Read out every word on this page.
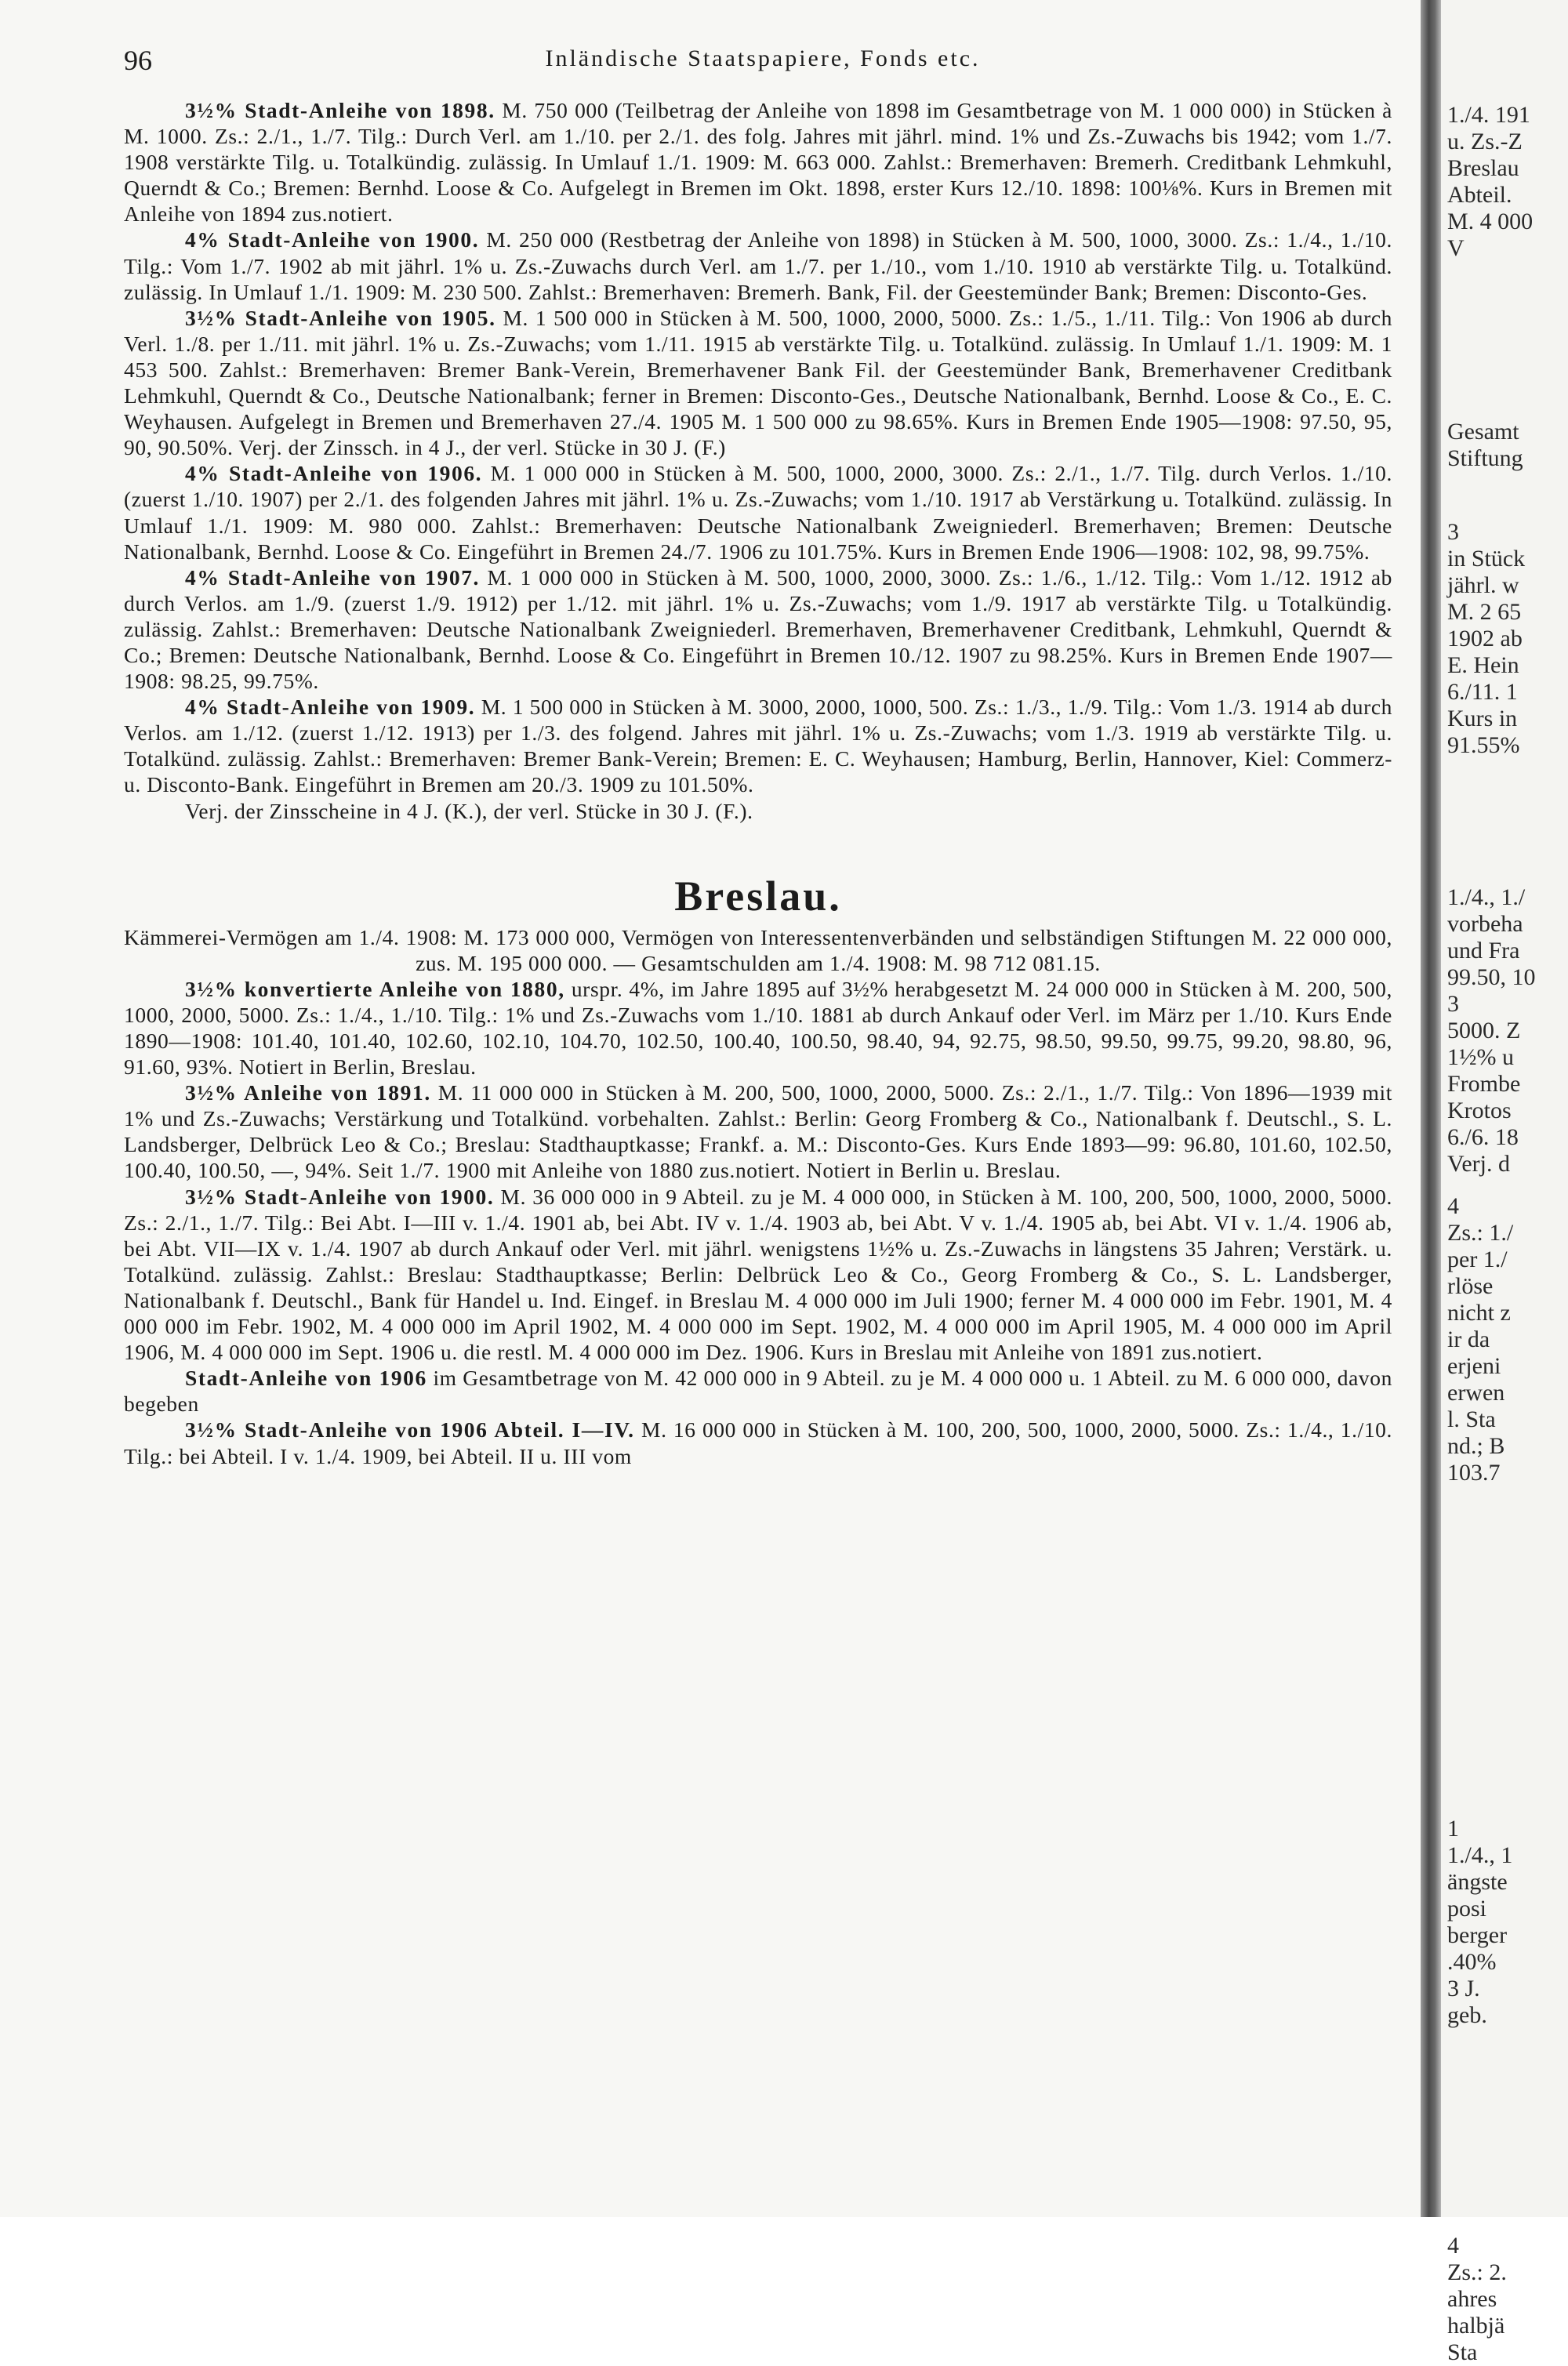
96	Inländische Staatspapiere, Fonds etc.

3½% Stadt-Anleihe von 1898. M. 750 000 (Teilbetrag der Anleihe von 1898 im Gesamtbetrage von M. 1 000 000) in Stücken à M. 1000. Zs.: 2./1., 1./7. Tilg.: Durch Verl. am 1./10. per 2./1. des folg. Jahres mit jährl. mind. 1% und Zs.-Zuwachs bis 1942; vom 1./7. 1908 verstärkte Tilg. u. Totalkündig. zulässig. In Umlauf 1./1. 1909: M. 663 000. Zahlst.: Bremerhaven: Bremerh. Creditbank Lehmkuhl, Querndt & Co.; Bremen: Bernhd. Loose & Co. Aufgelegt in Bremen im Okt. 1898, erster Kurs 12./10. 1898: 100⅛%. Kurs in Bremen mit Anleihe von 1894 zus.notiert.

4% Stadt-Anleihe von 1900. M. 250 000 (Restbetrag der Anleihe von 1898) in Stücken à M. 500, 1000, 3000. Zs.: 1./4., 1./10. Tilg.: Vom 1./7. 1902 ab mit jährl. 1% u. Zs.-Zuwachs durch Verl. am 1./7. per 1./10., vom 1./10. 1910 ab verstärkte Tilg. u. Totalkünd. zulässig. In Umlauf 1./1. 1909: M. 230 500. Zahlst.: Bremerhaven: Bremerh. Bank, Fil. der Geestemünder Bank; Bremen: Disconto-Ges.

3½% Stadt-Anleihe von 1905. M. 1 500 000 in Stücken à M. 500, 1000, 2000, 5000. Zs.: 1./5., 1./11. Tilg.: Von 1906 ab durch Verl. 1./8. per 1./11. mit jährl. 1% u. Zs.-Zuwachs; vom 1./11. 1915 ab verstärkte Tilg. u. Totalkünd. zulässig. In Umlauf 1./1. 1909: M. 1 453 500. Zahlst.: Bremerhaven: Bremer Bank-Verein, Bremerhavener Bank Fil. der Geestemünder Bank, Bremerhavener Creditbank Lehmkuhl, Querndt & Co., Deutsche Nationalbank; ferner in Bremen: Disconto-Ges., Deutsche Nationalbank, Bernhd. Loose & Co., E. C. Weyhausen. Aufgelegt in Bremen und Bremerhaven 27./4. 1905 M. 1 500 000 zu 98.65%. Kurs in Bremen Ende 1905—1908: 97.50, 95, 90, 90.50%. Verj. der Zinssch. in 4 J., der verl. Stücke in 30 J. (F.)

4% Stadt-Anleihe von 1906. M. 1 000 000 in Stücken à M. 500, 1000, 2000, 3000. Zs.: 2./1., 1./7. Tilg. durch Verlos. 1./10. (zuerst 1./10. 1907) per 2./1. des folgenden Jahres mit jährl. 1% u. Zs.-Zuwachs; vom 1./10. 1917 ab Verstärkung u. Totalkünd. zulässig. In Umlauf 1./1. 1909: M. 980 000. Zahlst.: Bremerhaven: Deutsche Nationalbank Zweigniederl. Bremerhaven; Bremen: Deutsche Nationalbank, Bernhd. Loose & Co. Eingeführt in Bremen 24./7. 1906 zu 101.75%. Kurs in Bremen Ende 1906—1908: 102, 98, 99.75%.

4% Stadt-Anleihe von 1907. M. 1 000 000 in Stücken à M. 500, 1000, 2000, 3000. Zs.: 1./6., 1./12. Tilg.: Vom 1./12. 1912 ab durch Verlos. am 1./9. (zuerst 1./9. 1912) per 1./12. mit jährl. 1% u. Zs.-Zuwachs; vom 1./9. 1917 ab verstärkte Tilg. u Totalkündig. zulässig. Zahlst.: Bremerhaven: Deutsche Nationalbank Zweigniederl. Bremerhaven, Bremerhavener Creditbank, Lehmkuhl, Querndt & Co.; Bremen: Deutsche Nationalbank, Bernhd. Loose & Co. Eingeführt in Bremen 10./12. 1907 zu 98.25%. Kurs in Bremen Ende 1907—1908: 98.25, 99.75%.

4% Stadt-Anleihe von 1909. M. 1 500 000 in Stücken à M. 3000, 2000, 1000, 500. Zs.: 1./3., 1./9. Tilg.: Vom 1./3. 1914 ab durch Verlos. am 1./12. (zuerst 1./12. 1913) per 1./3. des folgend. Jahres mit jährl. 1% u. Zs.-Zuwachs; vom 1./3. 1919 ab verstärkte Tilg. u. Totalkünd. zulässig. Zahlst.: Bremerhaven: Bremer Bank-Verein; Bremen: E. C. Weyhausen; Hamburg, Berlin, Hannover, Kiel: Commerz- u. Disconto-Bank. Eingeführt in Bremen am 20./3. 1909 zu 101.50%.

Verj. der Zinsscheine in 4 J. (K.), der verl. Stücke in 30 J. (F.).

Breslau.

Kämmerei-Vermögen am 1./4. 1908: M. 173 000 000, Vermögen von Interessentenverbänden und selbständigen Stiftungen M. 22 000 000, zus. M. 195 000 000. — Gesamtschulden am 1./4. 1908: M. 98 712 081.15.

3½% konvertierte Anleihe von 1880, urspr. 4%, im Jahre 1895 auf 3½% herabgesetzt M. 24 000 000 in Stücken à M. 200, 500, 1000, 2000, 5000. Zs.: 1./4., 1./10. Tilg.: 1% und Zs.-Zuwachs vom 1./10. 1881 ab durch Ankauf oder Verl. im März per 1./10. Kurs Ende 1890—1908: 101.40, 101.40, 102.60, 102.10, 104.70, 102.50, 100.40, 100.50, 98.40, 94, 92.75, 98.50, 99.50, 99.75, 99.20, 98.80, 96, 91.60, 93%. Notiert in Berlin, Breslau.

3½% Anleihe von 1891. M. 11 000 000 in Stücken à M. 200, 500, 1000, 2000, 5000. Zs.: 2./1., 1./7. Tilg.: Von 1896—1939 mit 1% und Zs.-Zuwachs; Verstärkung und Totalkünd. vorbehalten. Zahlst.: Berlin: Georg Fromberg & Co., Nationalbank f. Deutschl., S. L. Landsberger, Delbrück Leo & Co.; Breslau: Stadthauptkasse; Frankf. a. M.: Disconto-Ges. Kurs Ende 1893—99: 96.80, 101.60, 102.50, 100.40, 100.50, —, 94%. Seit 1./7. 1900 mit Anleihe von 1880 zus.notiert. Notiert in Berlin u. Breslau.

3½% Stadt-Anleihe von 1900. M. 36 000 000 in 9 Abteil. zu je M. 4 000 000, in Stücken à M. 100, 200, 500, 1000, 2000, 5000. Zs.: 2./1., 1./7. Tilg.: Bei Abt. I—III v. 1./4. 1901 ab, bei Abt. IV v. 1./4. 1903 ab, bei Abt. V v. 1./4. 1905 ab, bei Abt. VI v. 1./4. 1906 ab, bei Abt. VII—IX v. 1./4. 1907 ab durch Ankauf oder Verl. mit jährl. wenigstens 1½% u. Zs.-Zuwachs in längstens 35 Jahren; Verstärk. u. Totalkünd. zulässig. Zahlst.: Breslau: Stadthauptkasse; Berlin: Delbrück Leo & Co., Georg Fromberg & Co., S. L. Landsberger, Nationalbank f. Deutschl., Bank für Handel u. Ind. Eingef. in Breslau M. 4 000 000 im Juli 1900; ferner M. 4 000 000 im Febr. 1901, M. 4 000 000 im Febr. 1902, M. 4 000 000 im April 1902, M. 4 000 000 im Sept. 1902, M. 4 000 000 im April 1905, M. 4 000 000 im April 1906, M. 4 000 000 im Sept. 1906 u. die restl. M. 4 000 000 im Dez. 1906. Kurs in Breslau mit Anleihe von 1891 zus.notiert.

Stadt-Anleihe von 1906 im Gesamtbetrage von M. 42 000 000 in 9 Abteil. zu je M. 4 000 000 u. 1 Abteil. zu M. 6 000 000, davon begeben

3½% Stadt-Anleihe von 1906 Abteil. I—IV. M. 16 000 000 in Stücken à M. 100, 200, 500, 1000, 2000, 5000. Zs.: 1./4., 1./10. Tilg.: bei Abteil. I v. 1./4. 1909, bei Abteil. II u. III vom

1./4. 191
u. Zs.-Z
Breslau
Abteil.
M. 4 000
V
Gesamt
Stiftung
3
in Stück
jährl. w
M. 2 65
1902 ab
E. Hein
6./11. 1
Kurs in
91.55%
1./4., 1./
vorbeha
und Fra
99.50, 10
3
5000. Z
1½% u
Frombe
Krotos
6./6. 18
Verj. d
4
Zs.: 1./
per 1./
rlöse
nicht z
ir da
erjeni
erwen
l. Sta
nd.; B
103.7
1
1./4., 1
ängste
posi
berger
.40%
3 J.
geb.
4
Zs.: 2.
ahres
halbjä
Sta
